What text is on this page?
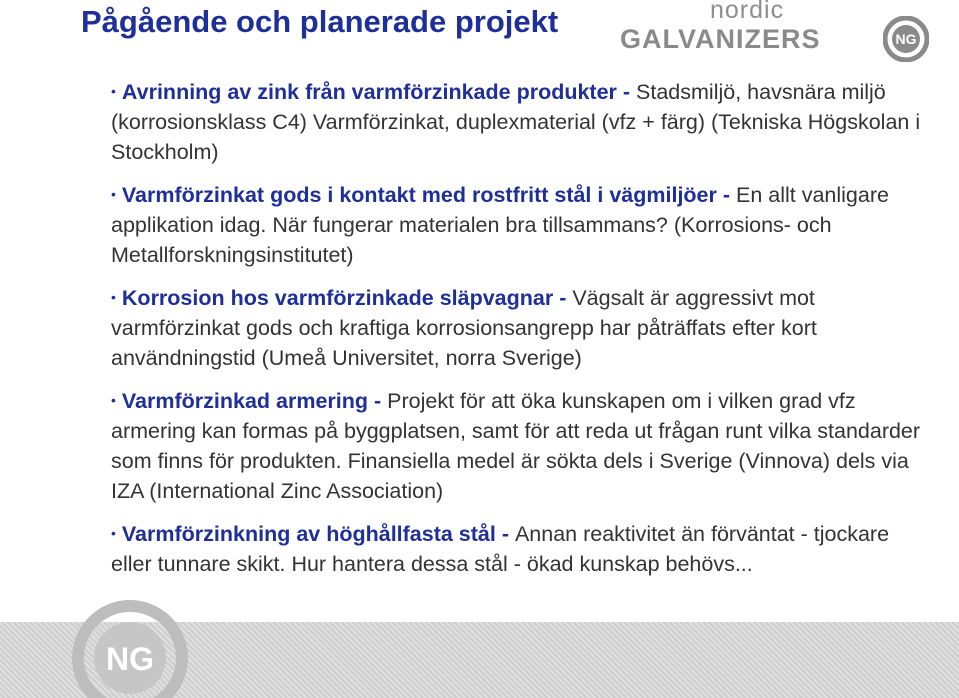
Pågående och planerade projekt	nordic
GALVANIZERS	NG
• Avrinning av zink från varmförzinkade produkter - Stadsmiljö, havsnära miljö (korrosionsklass C4) Varmförzinkat, duplexmaterial (vfz + färg) (Tekniska Högskolan i Stockholm)
• Varmförzinkat gods i kontakt med rostfritt stål i vägmiljöer - En allt vanligare applikation idag. När fungerar materialen bra tillsammans? (Korrosions- och Metallforskningsinstitutet)
• Korrosion hos varmförzinkade släpvagnar - Vägsalt är aggressivt mot varmförzinkat gods och kraftiga korrosionsangrepp har påträffats efter kort användningstid (Umeå Universitet, norra Sverige)
• Varmförzinkad armering - Projekt för att öka kunskapen om i vilken grad vfz armering kan formas på byggplatsen, samt för att reda ut frågan runt vilka standarder som finns för produkten. Finansiella medel är sökta dels i Sverige (Vinnova) dels via IZA (International Zinc Association)
• Varmförzinkning av höghållfasta stål - Annan reaktivitet än förväntat - tjockare eller tunnare skikt. Hur hantera dessa stål - ökad kunskap behövs...
NG
